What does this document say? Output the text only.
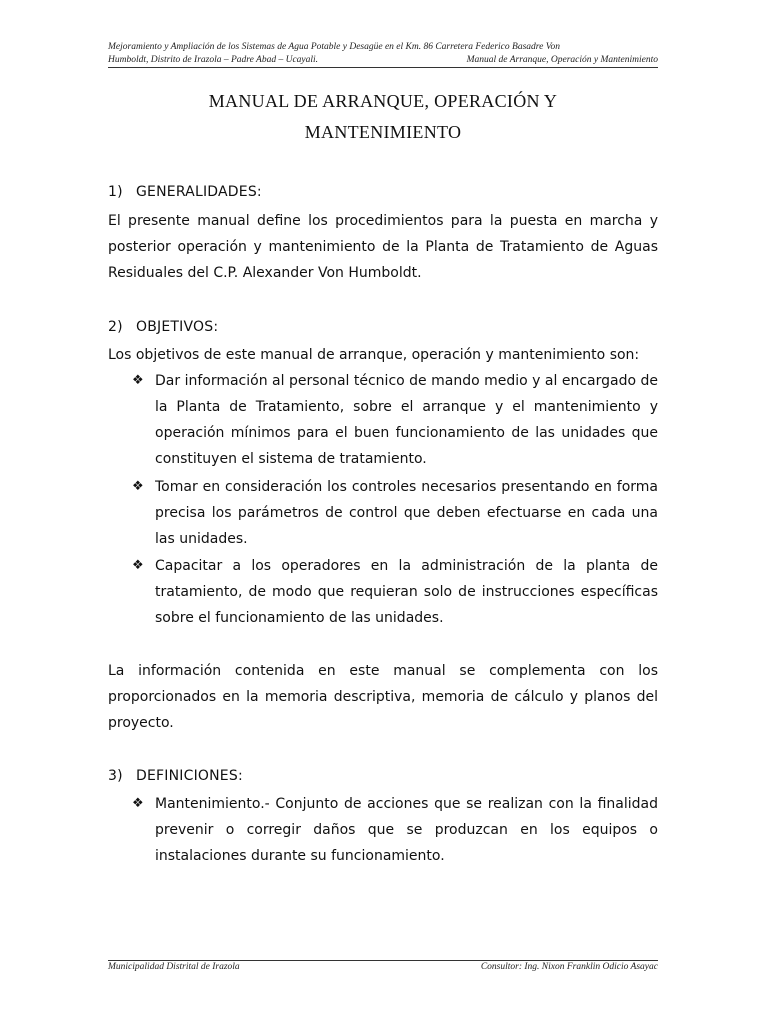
Mejoramiento y Ampliación de los Sistemas de Agua Potable y Desagüe en el Km. 86 Carretera Federico Basadre Von
Humboldt, Distrito de Irazola – Padre Abad – Ucayali.	Manual de Arranque, Operación y Mantenimiento
MANUAL DE ARRANQUE, OPERACIÓN Y
MANTENIMIENTO
1) GENERALIDADES:
El presente manual define los procedimientos para la puesta en marcha y
posterior operación y mantenimiento de la Planta de Tratamiento de Aguas
Residuales del C.P. Alexander Von Humboldt.
2) OBJETIVOS:
Los objetivos de este manual de arranque, operación y mantenimiento son:
❖ Dar información al personal técnico de mando medio y al encargado de
la Planta de Tratamiento, sobre el arranque y el mantenimiento y
operación mínimos para el buen funcionamiento de las unidades que
constituyen el sistema de tratamiento.
❖ Tomar en consideración los controles necesarios presentando en forma
precisa los parámetros de control que deben efectuarse en cada una
las unidades.
❖ Capacitar a los operadores en la administración de la planta de
tratamiento, de modo que requieran solo de instrucciones específicas
sobre el funcionamiento de las unidades.
La información contenida en este manual se complementa con los
proporcionados en la memoria descriptiva, memoria de cálculo y planos del
proyecto.
3) DEFINICIONES:
❖ Mantenimiento.- Conjunto de acciones que se realizan con la finalidad
prevenir o corregir daños que se produzcan en los equipos o
instalaciones durante su funcionamiento.
Municipalidad Distrital de Irazola	Consultor: Ing. Nixon Franklin Odicio Asayac
